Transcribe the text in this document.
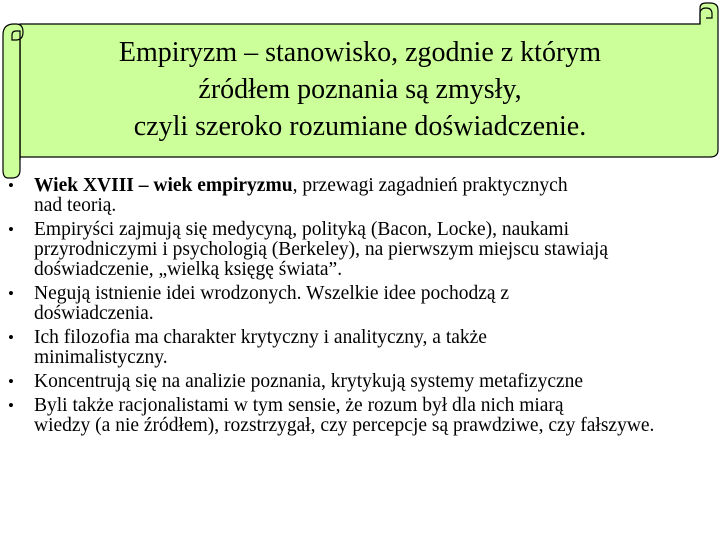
Empiryzm – stanowisko, zgodnie z którym
źródłem poznania są zmysły,
czyli szeroko rozumiane doświadczenie.
• Wiek XVIII – wiek empiryzmu, przewagi zagadnień praktycznych
nad teorią.
• Empiryści zajmują się medycyną, polityką (Bacon, Locke), naukami
przyrodniczymi i psychologią (Berkeley), na pierwszym miejscu stawiają doświadczenie, „wielką księgę świata”.
• Negują istnienie idei wrodzonych. Wszelkie idee pochodzą z
doświadczenia.
• Ich filozofia ma charakter krytyczny i analityczny, a także
minimalistyczny.
• Koncentrują się na analizie poznania, krytykują systemy metafizyczne
• Byli także racjonalistami w tym sensie, że rozum był dla nich miarą
wiedzy (a nie źródłem), rozstrzygał, czy percepcje są prawdziwe, czy fałszywe.
